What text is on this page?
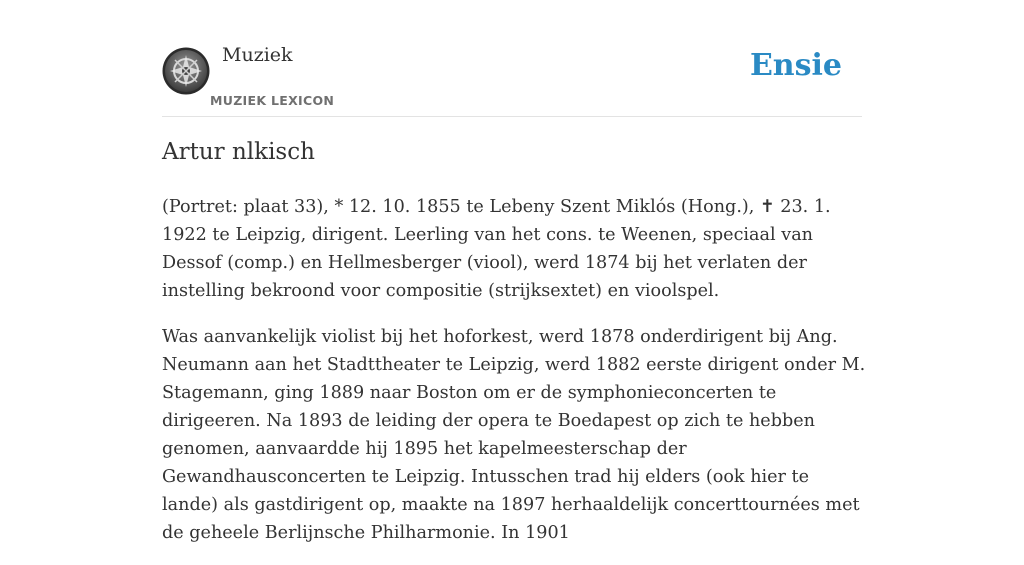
Muziek
MUZIEK LEXICON
Ensie
Artur nlkisch

(Portret: plaat 33), * 12. 10. 1855 te Lebeny Szent Miklós (Hong.), ✝ 23. 1. 1922 te Leipzig, dirigent. Leerling van het cons. te Weenen, speciaal van Dessof (comp.) en Hellmesberger (viool), werd 1874 bij het verlaten der instelling bekroond voor compositie (strijksextet) en vioolspel.

Was aanvankelijk violist bij het hoforkest, werd 1878 onderdirigent bij Ang. Neumann aan het Stadttheater te Leipzig, werd 1882 eerste dirigent onder M. Stagemann, ging 1889 naar Boston om er de symphonieconcerten te dirigeeren. Na 1893 de leiding der opera te Boedapest op zich te hebben genomen, aanvaardde hij 1895 het kapelmeesterschap der Gewandhausconcerten te Leipzig. Intusschen trad hij elders (ook hier te lande) als gastdirigent op, maakte na 1897 herhaaldelijk concerttournées met de geheele Berlijnsche Philharmonie. In 1901
